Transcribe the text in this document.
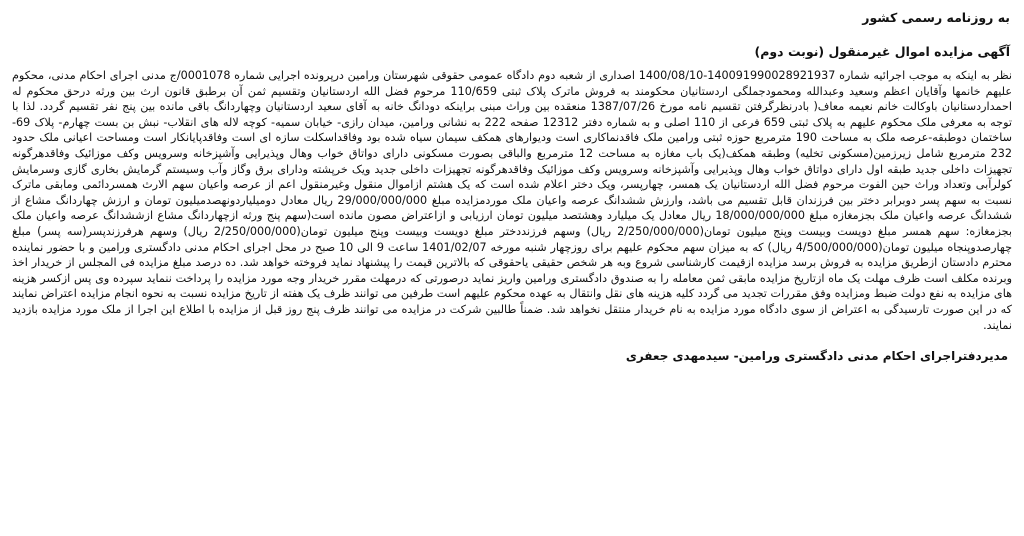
به روزنامه رسمی کشور
آگهی مزایده اموال غیرمنقول (نوبت دوم)
نظر به اینکه به موجب اجرائیه شماره 140091990028921937-1400/08/10 اصداری از شعبه دوم دادگاه عمومی حقوقی شهرستان ورامین درپرونده اجرایی شماره 0001078/ج مدنی اجرای احکام مدنی، محکوم علیهم خانمها وآقایان اعظم وسعید وعبدالله ومحمودجملگی اردستانیان محکومند به فروش ماترک پلاک ثبتی 110/659 مرحوم فضل الله اردستانیان وتقسیم ثمن آن برطبق قانون ارث بین ورثه درحق محکوم له احمداردستانیان باوکالت خانم نعیمه معاف( بادرنظرگرفتن تقسیم نامه مورخ 1387/07/26 منعقده بین وراث مبنی براینکه دودانگ خانه به آقای سعید اردستانیان وچهاردانگ باقی مانده بین پنج نفر تقسیم گردد. لذا با توجه به معرفی ملک محکوم علیهم به پلاک ثبتی 659 فرعی از 110 اصلی و به شماره دفتر 12312 صفحه 222 به نشانی ورامین، میدان رازی- خیابان سمیه- کوچه لاله های انقلاب- نبش بن بست چهارم- پلاک 69- ساختمان دوطبقه-عرصه ملک به مساحت 190 مترمربع حوزه ثبتی ورامین ملک فاقدنماکاری است ودیوارهای همکف سیمان سیاه شده بود وفاقداسکلت سازه ای است وفاقدپایانکار است ومساحت اعیانی ملک حدود 232 مترمربع شامل زیرزمین(مسکونی تخلیه) وطبقه همکف(یک باب مغازه به مساحت 12 مترمربع والباقی بصورت مسکونی دارای دواتاق خواب وهال وپذیرایی وآشپزخانه وسرویس وکف موزائیک وفاقدهرگونه تجهیزات داخلی جدید طبقه اول دارای دواتاق خواب وهال وپذیرایی وآشپزخانه وسرویس وکف موزائیک وفاقدهرگونه تجهیزات داخلی جدید ویک خرپشته ودارای برق وگاز وآب وسیستم گرمایش بخاری گازی وسرمایش کولرآبی وتعداد وراث حین الفوت مرحوم فضل الله اردستانیان یک همسر، چهارپسر، ویک دختر اعلام شده است که یک هشتم ازاموال منقول وغیرمنقول اعم از عرصه واعیان سهم الارث همسردائمی ومابقی ماترک نسبت به سهم پسر دوبرابر دختر بین فرزندان قابل تقسیم می باشد، وارزش ششدانگ عرصه واعیان ملک موردمزایده مبلغ 29/000/000/000 ریال معادل دومیلیاردونهصدمیلیون تومان و ارزش چهاردانگ مشاع از ششدانگ عرصه واعیان ملک بجزمغازه مبلغ 18/000/000/000 ریال معادل یک میلیارد وهشتصد میلیون تومان ارزیابی و ازاعتراض مصون مانده است(سهم پنج ورثه ازچهاردانگ مشاع ازششدانگ عرصه واعیان ملک بجزمغازه: سهم همسر مبلغ دویست وبیست وپنج میلیون تومان(2/250/000/000 ریال) وسهم فرزنددختر مبلغ دویست وبیست وپنج میلیون تومان(2/250/000/000 ریال) وسهم هرفرزندپسر(سه پسر) مبلغ چهارصدوپنجاه میلیون تومان(4/500/000/000 ریال) که به میزان سهم محکوم علیهم برای روزچهار شنبه مورخه 1401/02/07 ساعت 9 الی 10 صبح در محل اجرای احکام مدنی دادگستری ورامین و با حضور نماینده محترم دادستان ازطریق مزایده به فروش برسد مزایده ازقیمت کارشناسی شروع وبه هر شخص حقیقی یاحقوقی که بالاترین قیمت را پیشنهاد نماید فروخته خواهد شد. ده درصد مبلغ مزایده فی المجلس از خریدار اخذ وبرنده مکلف است ظرف مهلت یک ماه ازتاریخ مزایده مابقی ثمن معامله را به صندوق دادگستری ورامین واریز نماید درصورتی که درمهلت مقرر خریدار وجه مورد مزایده را پرداخت ننماید سپرده وی پس ازکسر هزینه های مزایده به نفع دولت ضبط ومزایده وفق مقررات تجدید می گردد کلیه هزینه های نقل وانتقال به عهده محکوم علیهم است طرفین می توانند ظرف یک هفته از تاریخ مزایده نسبت به نحوه انجام مزایده اعتراض نمایند که در این صورت تارسیدگی به اعتراض از سوی دادگاه مورد مزایده به نام خریدار منتقل نخواهد شد. ضمناً طالبین شرکت در مزایده می توانند ظرف پنج روز قبل از مزایده با اطلاع این اجرا از ملک مورد مزایده بازدید نمایند.
مدیردفتراجرای احکام مدنی دادگستری ورامین- سیدمهدی جعفری
